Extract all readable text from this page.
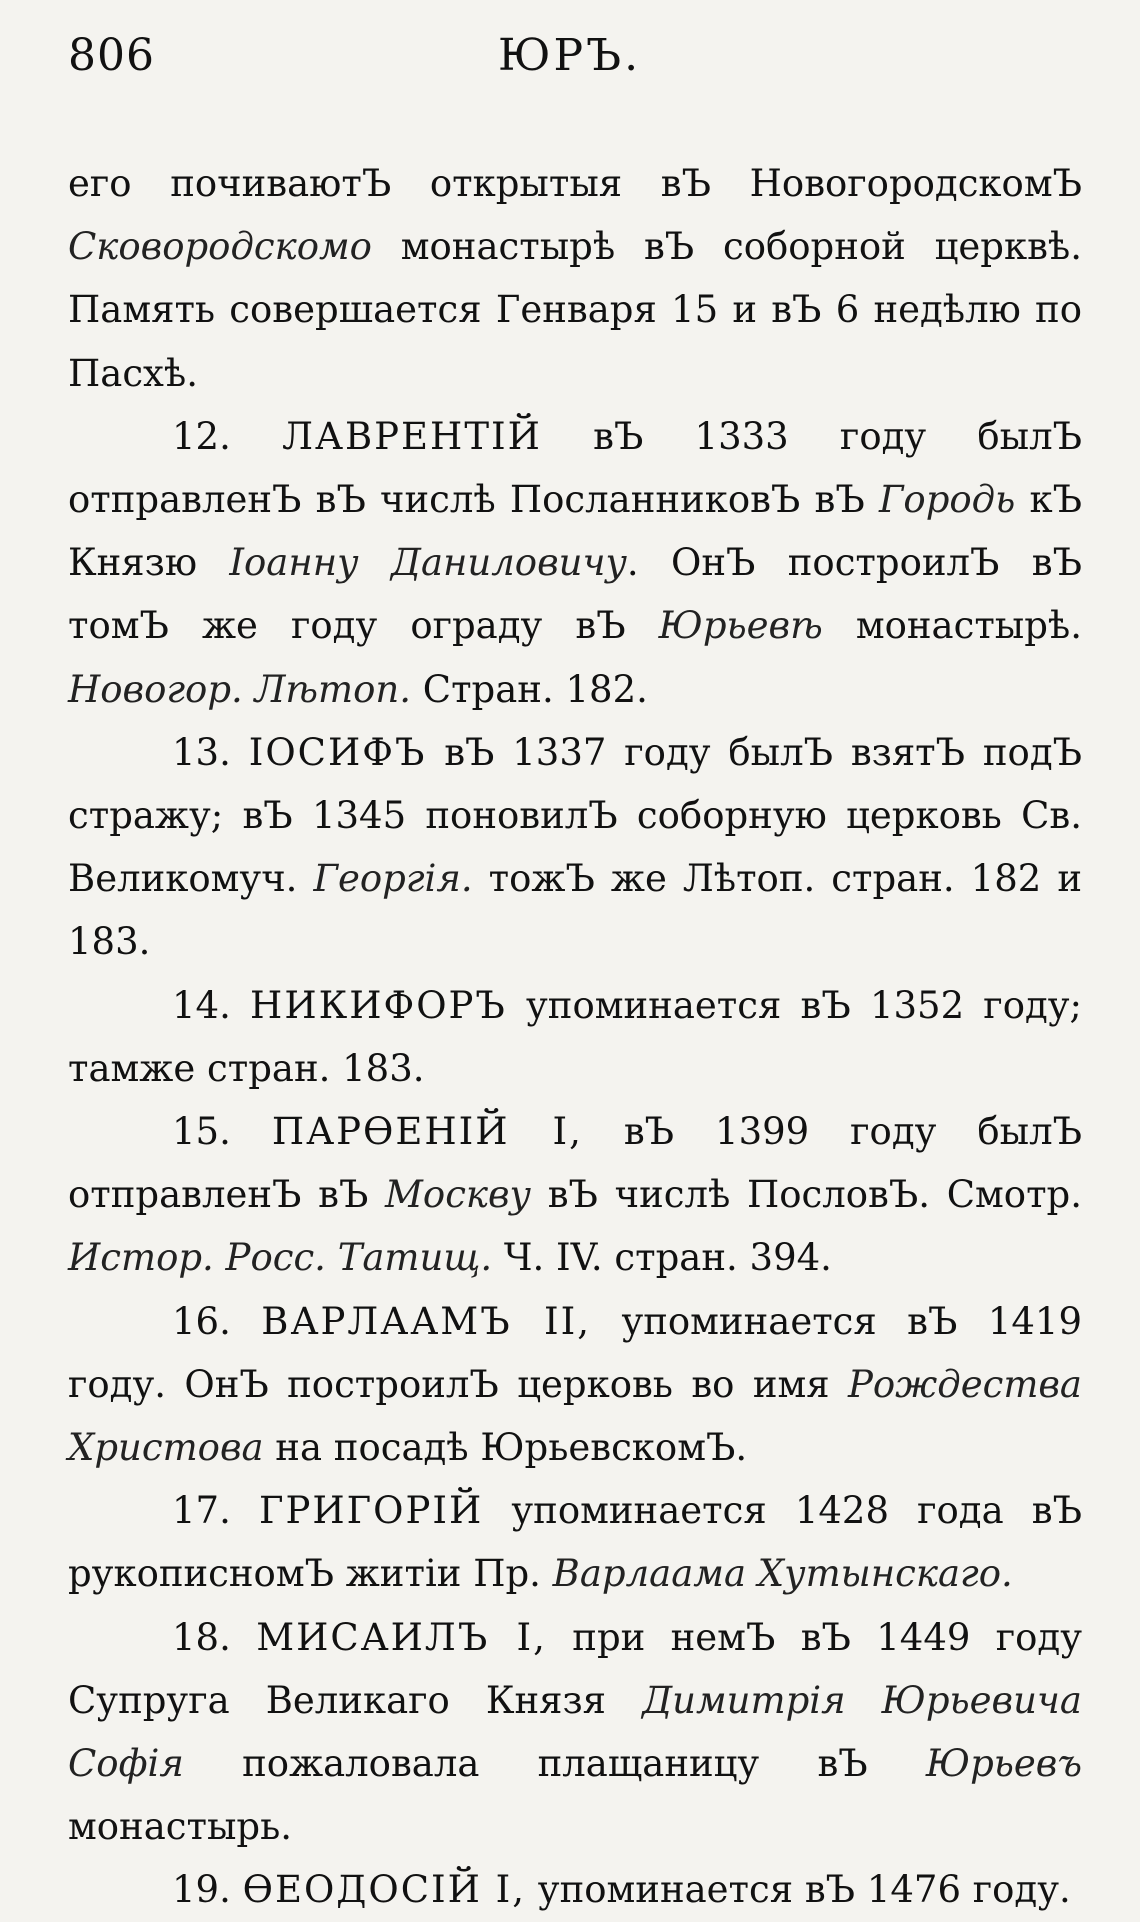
806	ЮРЪ.

его почиваютЪ открытыя вЪ НовогородскомЪ Сковородскомо монастырѣ вЪ соборной церквѣ. Память совершается Генваря 15 и вЪ 6 недѣлю по Пасхѣ.

12. ЛАВРЕНТІЙ вЪ 1333 году былЪ отправленЪ вЪ числѣ ПосланниковЪ вЪ Городь кЪ Князю Іоанну Даниловичу. ОнЪ построилЪ вЪ томЪ же году ограду вЪ Юрьевѣ монастырѣ. Новогор. Лѣтоп. Стран. 182.

13. ІОСИФЪ вЪ 1337 году былЪ взятЪ подЪ стражу; вЪ 1345 поновилЪ соборную церковь Св. Великомуч. Георгія. тожЪ же Лѣтоп. стран. 182 и 183.

14. НИКИФОРЪ упоминается вЪ 1352 году; тамже стран. 183.

15. ПАРѲЕНІЙ I, вЪ 1399 году былЪ отправленЪ вЪ Москву вЪ числѣ ПословЪ. Смотр. Истор. Росс. Татищ. Ч. IV. стран. 394.

16. ВАРЛААМЪ II, упоминается вЪ 1419 году. ОнЪ построилЪ церковь во имя Рождества Христова на посадѣ ЮрьевскомЪ.

17. ГРИГОРІЙ упоминается 1428 года вЪ рукописномЪ житіи Пр. Варлаама Хутынскаго.

18. МИСАИЛЪ I, при немЪ вЪ 1449 году Супруга Великаго Князя Димитрія Юрьевича Софія пожаловала плащаницу вЪ Юрьевъ монастырь.

19. ѲЕОДОСІЙ I, упоминается вЪ 1476 году.
